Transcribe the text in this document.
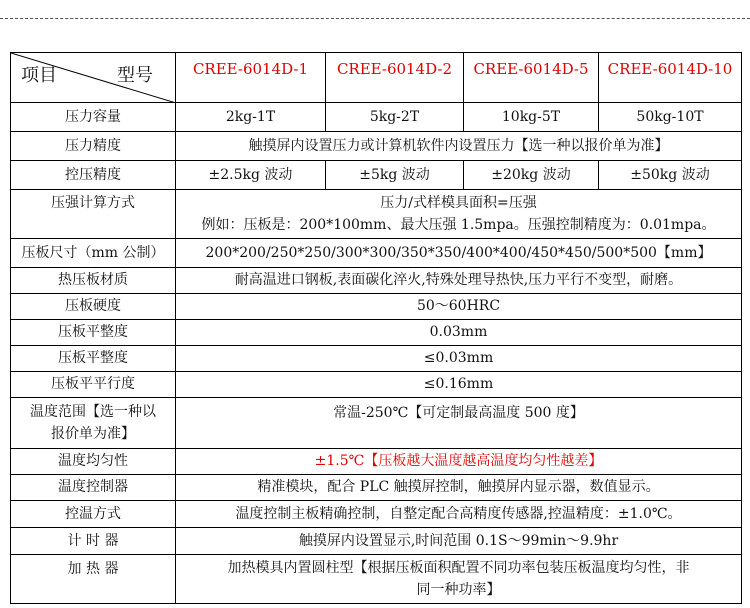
项目 型号	CREE-6014D-1	CREE-6014D-2	CREE-6014D-5	CREE-6014D-10
压力容量	2kg-1T	5kg-2T	10kg-5T	50kg-10T
压力精度	触摸屏内设置压力或计算机软件内设置压力【选一种以报价单为准】			
控压精度	±2.5kg 波动	±5kg 波动	±20kg 波动	±50kg 波动
压强计算方式	压力/式样模具面积=压强
例如：压板是：200*100mm、最大压强 1.5mpa。压强控制精度为：0.01mpa。			

压板尺寸（mm 公制）	200*200/250*250/300*300/350*350/400*400/450*450/500*500【mm】			
热压板材质	耐高温进口钢板,表面碳化淬火,特殊处理导热快,压力平行不变型，耐磨。			
压板硬度	50～60HRC			
压板平整度	0.03mm			
压板平整度	≤0.03mm			
压板平平行度	≤0.16mm			

温度范围【选一种以
报价单为准】	常温-250℃【可定制最高温度 500 度】			
温度均匀性	±1.5℃【压板越大温度越高温度均匀性越差】			
温度控制器	精准模块，配合 PLC 触摸屏控制，触摸屏内显示器，数值显示。			
控温方式	温度控制主板精确控制，自整定配合高精度传感器,控温精度：±1.0℃。			
计 时 器	触摸屏内设置显示,时间范围 0.1S～99min～9.9hr			
加 热 器	加热模具内置圆柱型【根据压板面积配置不同功率包装压板温度均匀性，非
同一种功率】			
